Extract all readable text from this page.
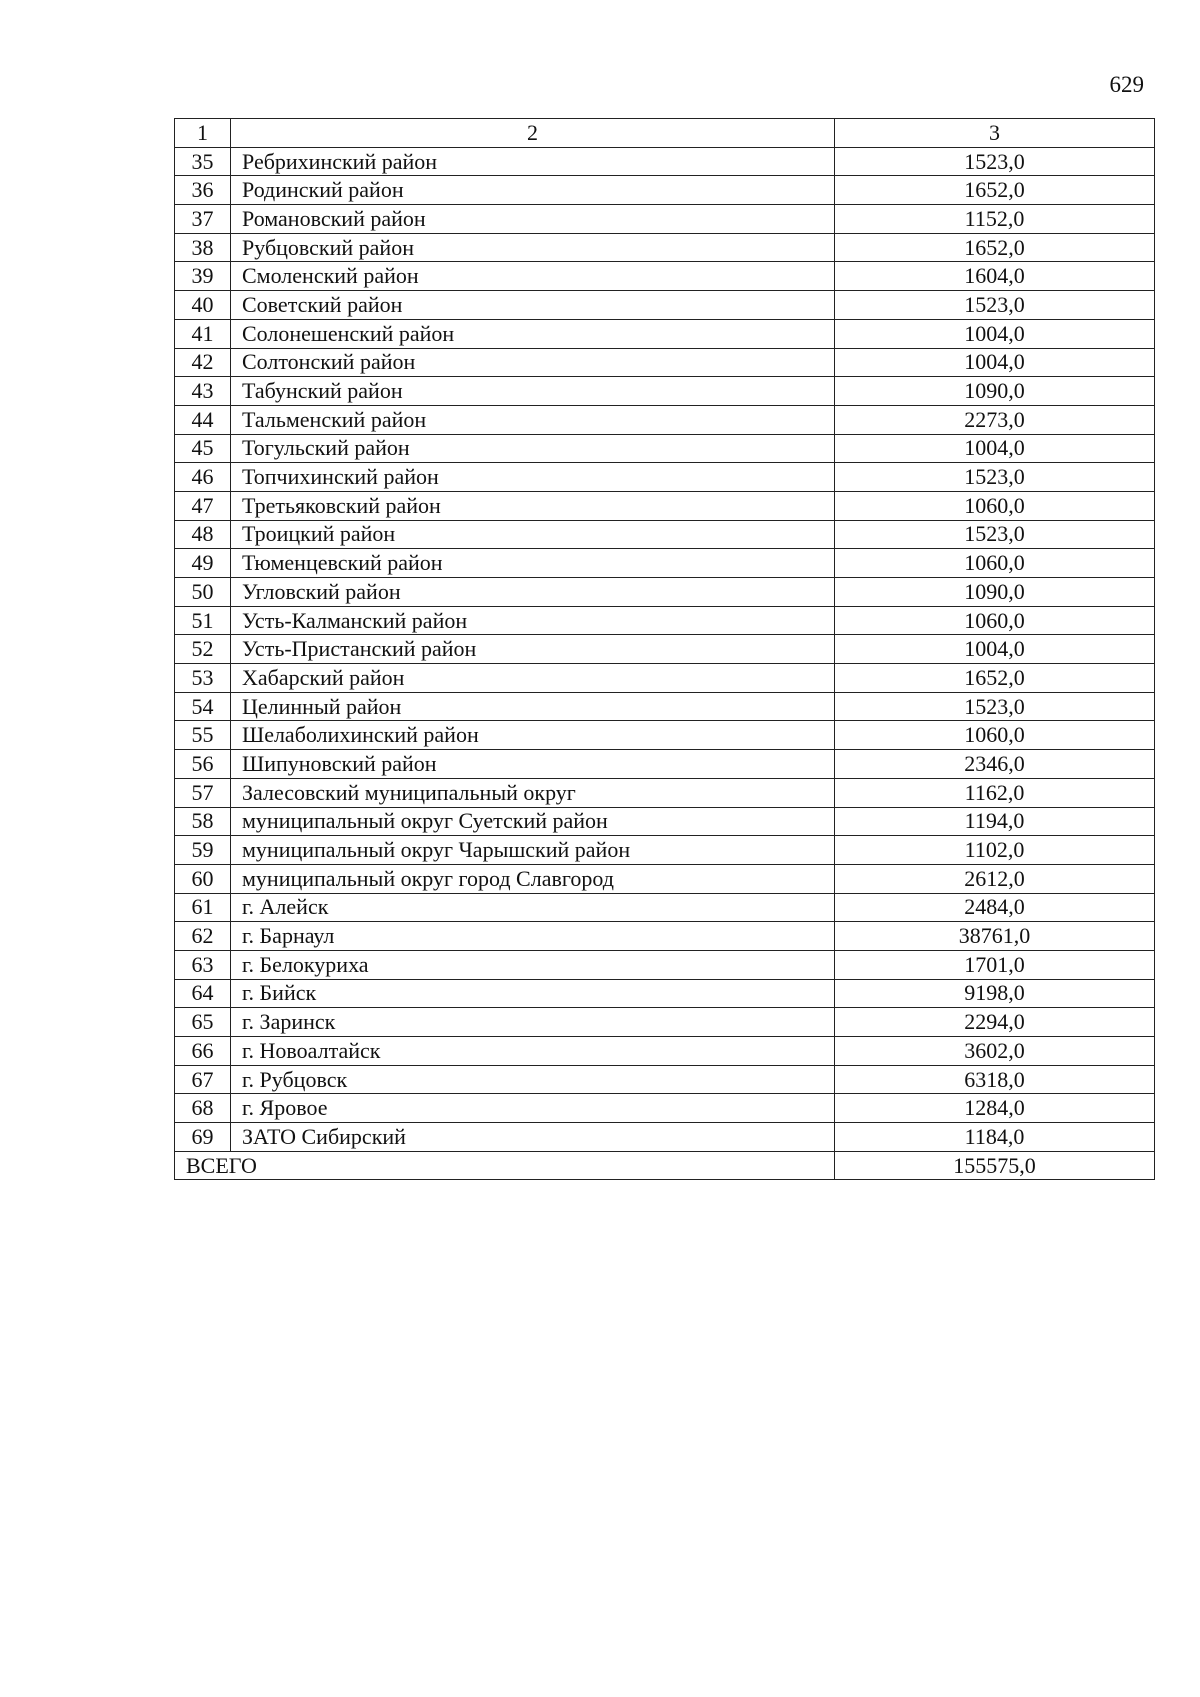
629
1	2	3
35	Ребрихинский район	1523,0
36	Родинский район	1652,0
37	Романовский район	1152,0
38	Рубцовский район	1652,0
39	Смоленский район	1604,0
40	Советский район	1523,0
41	Солонешенский район	1004,0
42	Солтонский район	1004,0
43	Табунский район	1090,0
44	Тальменский район	2273,0
45	Тогульский район	1004,0
46	Топчихинский район	1523,0
47	Третьяковский район	1060,0
48	Троицкий район	1523,0
49	Тюменцевский район	1060,0
50	Угловский район	1090,0
51	Усть-Калманский район	1060,0
52	Усть-Пристанский район	1004,0
53	Хабарский район	1652,0
54	Целинный район	1523,0
55	Шелаболихинский район	1060,0
56	Шипуновский район	2346,0
57	Залесовский муниципальный округ	1162,0
58	муниципальный округ Суетский район	1194,0
59	муниципальный округ Чарышский район	1102,0
60	муниципальный округ город Славгород	2612,0
61	г. Алейск	2484,0
62	г. Барнаул	38761,0
63	г. Белокуриха	1701,0
64	г. Бийск	9198,0
65	г. Заринск	2294,0
66	г. Новоалтайск	3602,0
67	г. Рубцовск	6318,0
68	г. Яровое	1284,0
69	ЗАТО Сибирский	1184,0
ВСЕГО		155575,0
